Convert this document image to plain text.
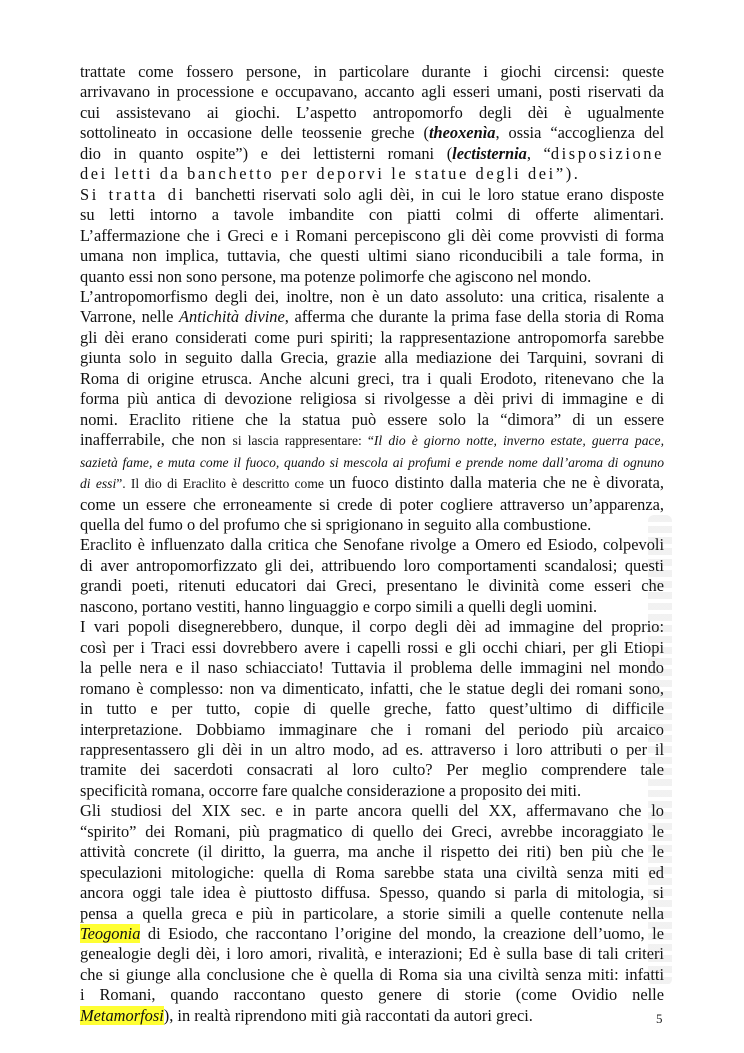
trattate come fossero persone, in particolare durante i giochi circensi: queste
arrivavano in processione e occupavano, accanto agli esseri umani, posti riservati da
cui assistevano ai giochi. L’aspetto antropomorfo degli dèi è ugualmente
sottolineato in occasione delle teossenie greche (theoxenìa, ossia “accoglienza del
dio in quanto ospite”) e dei lettisterni romani (lectisternia, “disposizione
dei letti da banchetto per deporvi le statue degli dei”).
Si tratta di banchetti riservati solo agli dèi, in cui le loro statue erano disposte
su letti intorno a tavole imbandite con piatti colmi di offerte alimentari.
L’affermazione che i Greci e i Romani percepiscono gli dèi come provvisti di forma
umana non implica, tuttavia, che questi ultimi siano riconducibili a tale forma, in
quanto essi non sono persone, ma potenze polimorfe che agiscono nel mondo.
L’antropomorfismo degli dei, inoltre, non è un dato assoluto: una critica, risalente a
Varrone, nelle Antichità divine, afferma che durante la prima fase della storia di Roma
gli dèi erano considerati come puri spiriti; la rappresentazione antropomorfa sarebbe
giunta solo in seguito dalla Grecia, grazie alla mediazione dei Tarquini, sovrani di
Roma di origine etrusca. Anche alcuni greci, tra i quali Erodoto, ritenevano che la
forma più antica di devozione religiosa si rivolgesse a dèi privi di immagine e di
nomi. Eraclito ritiene che la statua può essere solo la “dimora” di un essere
inafferrabile, che non si lascia rappresentare: “Il dio è giorno notte, inverno estate, guerra pace,
sazietà fame, e muta come il fuoco, quando si mescola ai profumi e prende nome dall’aroma di ognuno
di essi”. Il dio di Eraclito è descritto come un fuoco distinto dalla materia che ne è divorata,
come un essere che erroneamente si crede di poter cogliere attraverso un’apparenza,
quella del fumo o del profumo che si sprigionano in seguito alla combustione.
Eraclito è influenzato dalla critica che Senofane rivolge a Omero ed Esiodo, colpevoli
di aver antropomorfizzato gli dei, attribuendo loro comportamenti scandalosi; questi
grandi poeti, ritenuti educatori dai Greci, presentano le divinità come esseri che
nascono, portano vestiti, hanno linguaggio e corpo simili a quelli degli uomini.
I vari popoli disegnerebbero, dunque, il corpo degli dèi ad immagine del proprio:
così per i Traci essi dovrebbero avere i capelli rossi e gli occhi chiari, per gli Etiopi
la pelle nera e il naso schiacciato! Tuttavia il problema delle immagini nel mondo
romano è complesso: non va dimenticato, infatti, che le statue degli dei romani sono,
in tutto e per tutto, copie di quelle greche, fatto quest’ultimo di difficile
interpretazione. Dobbiamo immaginare che i romani del periodo più arcaico
rappresentassero gli dèi in un altro modo, ad es. attraverso i loro attributi o per il
tramite dei sacerdoti consacrati al loro culto? Per meglio comprendere tale
specificità romana, occorre fare qualche considerazione a proposito dei miti.
Gli studiosi del XIX sec. e in parte ancora quelli del XX, affermavano che lo
“spirito” dei Romani, più pragmatico di quello dei Greci, avrebbe incoraggiato le
attività concrete (il diritto, la guerra, ma anche il rispetto dei riti) ben più che le
speculazioni mitologiche: quella di Roma sarebbe stata una civiltà senza miti ed
ancora oggi tale idea è piuttosto diffusa. Spesso, quando si parla di mitologia, si
pensa a quella greca e più in particolare, a storie simili a quelle contenute nella
Teogonia di Esiodo, che raccontano l’origine del mondo, la creazione dell’uomo, le
genealogie degli dèi, i loro amori, rivalità, e interazioni; Ed è sulla base di tali criteri
che si giunge alla conclusione che è quella di Roma sia una civiltà senza miti: infatti
i Romani, quando raccontano questo genere di storie (come Ovidio nelle
Metamorfosi), in realtà riprendono miti già raccontati da autori greci.	5
